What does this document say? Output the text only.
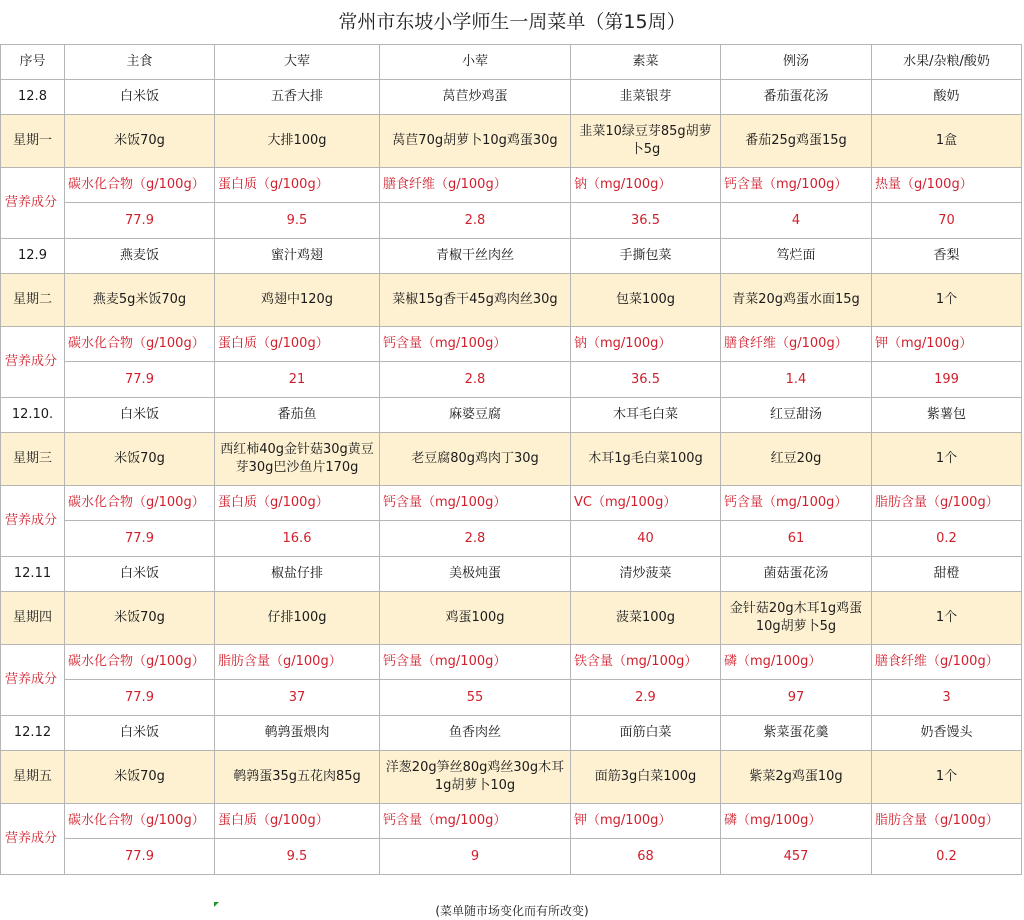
常州市东坡小学师生一周菜单（第15周）
序号	主食	大荤	小荤	素菜	例汤	水果/杂粮/酸奶
12.8	白米饭	五香大排	莴苣炒鸡蛋	韭菜银芽	番茄蛋花汤	酸奶
星期一	米饭70g	大排100g	莴苣70g胡萝卜10g鸡蛋30g	韭菜10绿豆芽85g胡萝卜5g	番茄25g鸡蛋15g	1盒
营养成分	碳水化合物（g/100g）	蛋白质（g/100g）	膳食纤维（g/100g）	钠（mg/100g）	钙含量（mg/100g）	热量（g/100g）
	77.9	9.5	2.8	36.5	4	70
12.9	燕麦饭	蜜汁鸡翅	青椒干丝肉丝	手撕包菜	笃烂面	香梨
星期二	燕麦5g米饭70g	鸡翅中120g	菜椒15g香干45g鸡肉丝30g	包菜100g	青菜20g鸡蛋水面15g	1个
营养成分	碳水化合物（g/100g）	蛋白质（g/100g）	钙含量（mg/100g）	钠（mg/100g）	膳食纤维（g/100g）	钾（mg/100g）
	77.9	21	2.8	36.5	1.4	199
12.10.	白米饭	番茄鱼	麻婆豆腐	木耳毛白菜	红豆甜汤	紫薯包
星期三	米饭70g	西红柿40g金针菇30g黄豆芽30g巴沙鱼片170g	老豆腐80g鸡肉丁30g	木耳1g毛白菜100g	红豆20g	1个
营养成分	碳水化合物（g/100g）	蛋白质（g/100g）	钙含量（mg/100g）	VC（mg/100g）	钙含量（mg/100g）	脂肪含量（g/100g）
	77.9	16.6	2.8	40	61	0.2
12.11	白米饭	椒盐仔排	美极炖蛋	清炒菠菜	菌菇蛋花汤	甜橙
星期四	米饭70g	仔排100g	鸡蛋100g	菠菜100g	金针菇20g木耳1g鸡蛋10g胡萝卜5g	1个
营养成分	碳水化合物（g/100g）	脂肪含量（g/100g）	钙含量（mg/100g）	铁含量（mg/100g）	磷（mg/100g）	膳食纤维（g/100g）
	77.9	37	55	2.9	97	3
12.12	白米饭	鹌鹑蛋煨肉	鱼香肉丝	面筋白菜	紫菜蛋花羹	奶香馒头
星期五	米饭70g	鹌鹑蛋35g五花肉85g	洋葱20g笋丝80g鸡丝30g木耳1g胡萝卜10g	面筋3g白菜100g	紫菜2g鸡蛋10g	1个
营养成分	碳水化合物（g/100g）	蛋白质（g/100g）	钙含量（mg/100g）	钾（mg/100g）	磷（mg/100g）	脂肪含量（g/100g）
	77.9	9.5	9	68	457	0.2
(菜单随市场变化而有所改变)
